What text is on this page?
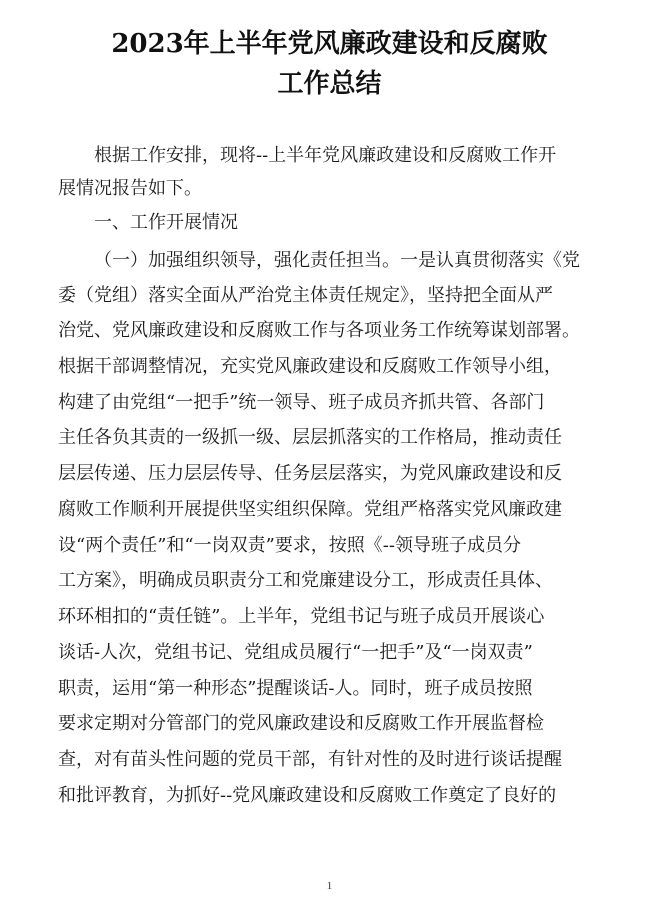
2023年上半年党风廉政建设和反腐败
工作总结
根据工作安排，现将--上半年党风廉政建设和反腐败工作开
展情况报告如下。
一、工作开展情况
（一）加强组织领导，强化责任担当。一是认真贯彻落实《党
委（党组）落实全面从严治党主体责任规定》，坚持把全面从严
治党、党风廉政建设和反腐败工作与各项业务工作统筹谋划部署。
根据干部调整情况，充实党风廉政建设和反腐败工作领导小组，
构建了由党组“一把手”统一领导、班子成员齐抓共管、各部门
主任各负其责的一级抓一级、层层抓落实的工作格局，推动责任
层层传递、压力层层传导、任务层层落实，为党风廉政建设和反
腐败工作顺利开展提供坚实组织保障。党组严格落实党风廉政建
设“两个责任”和“一岗双责”要求，按照《--领导班子成员分
工方案》，明确成员职责分工和党廉建设分工，形成责任具体、
环环相扣的“责任链”。上半年，党组书记与班子成员开展谈心
谈话-人次，党组书记、党组成员履行“一把手”及“一岗双责”
职责，运用“第一种形态”提醒谈话-人。同时，班子成员按照
要求定期对分管部门的党风廉政建设和反腐败工作开展监督检
查，对有苗头性问题的党员干部，有针对性的及时进行谈话提醒
和批评教育，为抓好--党风廉政建设和反腐败工作奠定了良好的
1
